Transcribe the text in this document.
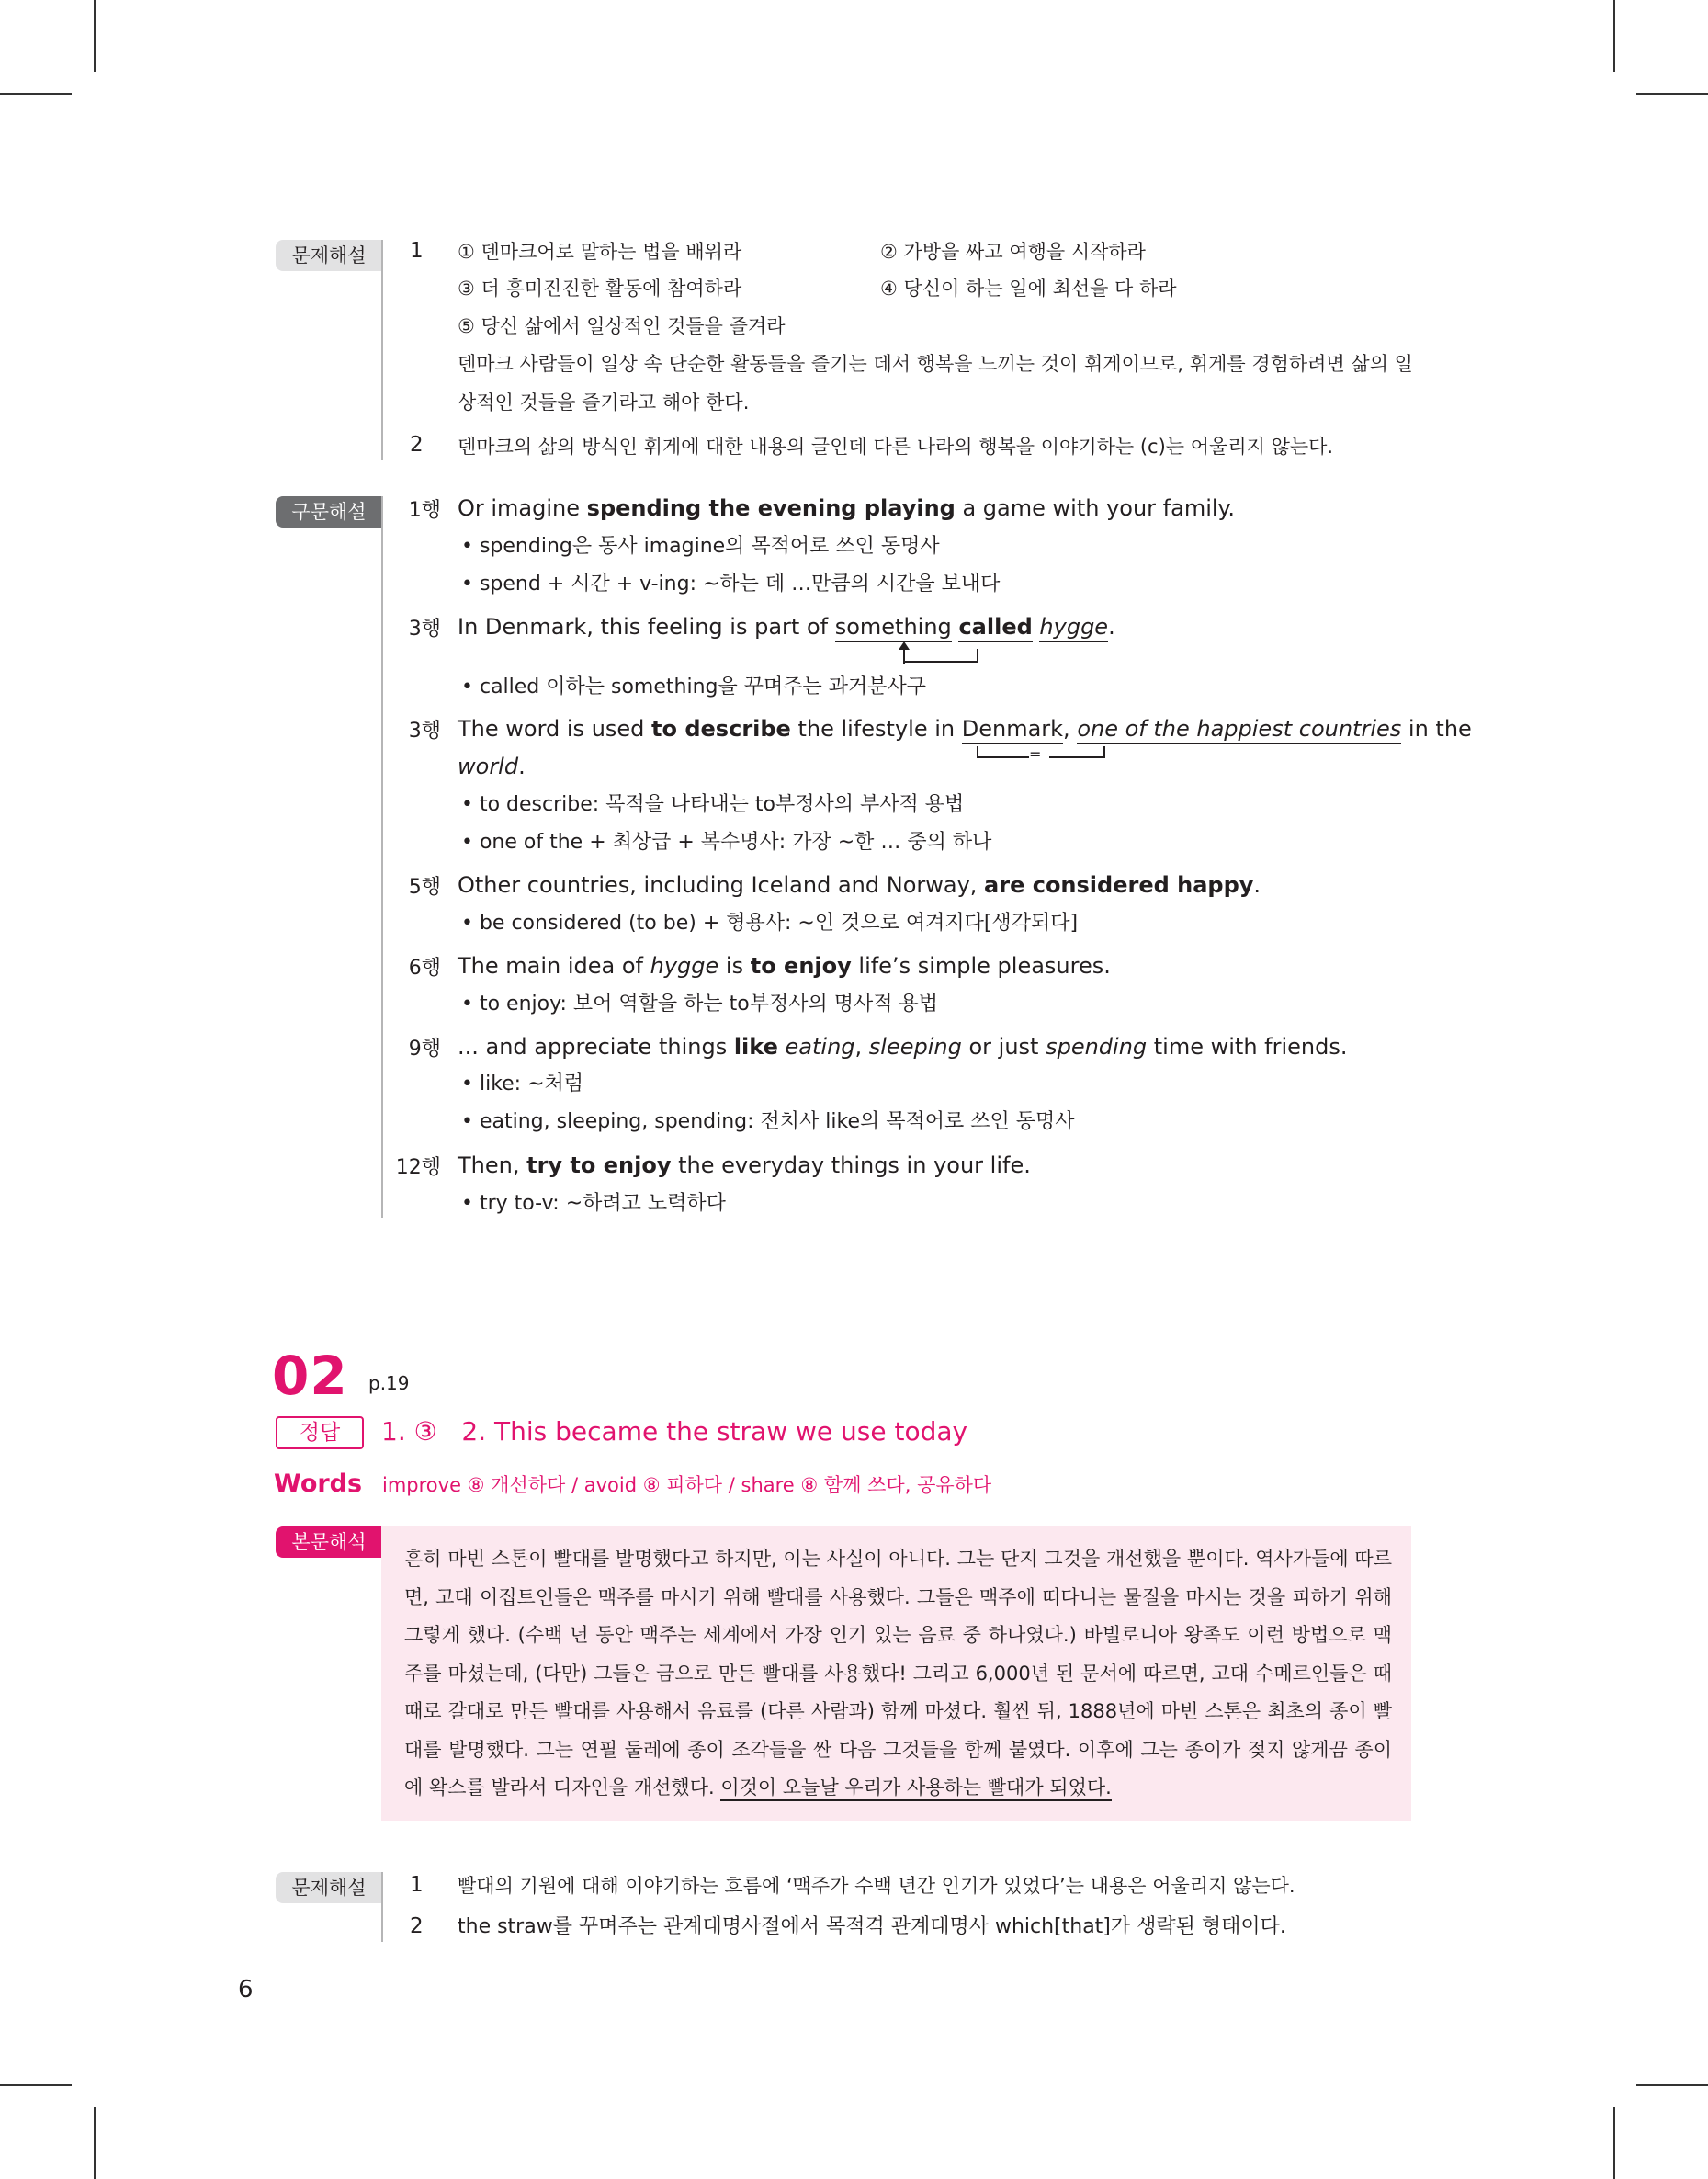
문제해설	1 ① 덴마크어로 말하는 법을 배워라	② 가방을 싸고 여행을 시작하라
③ 더 흥미진진한 활동에 참여하라	④ 당신이 하는 일에 최선을 다 하라
⑤ 당신 삶에서 일상적인 것들을 즐겨라
덴마크 사람들이 일상 속 단순한 활동들을 즐기는 데서 행복을 느끼는 것이 휘게이므로, 휘게를 경험하려면 삶의 일
상적인 것들을 즐기라고 해야 한다.
2 덴마크의 삶의 방식인 휘게에 대한 내용의 글인데 다른 나라의 행복을 이야기하는 (c)는 어울리지 않는다.
구문해설	1행 Or imagine spending the evening playing a game with your family.
• spending은 동사 imagine의 목적어로 쓰인 동명사
• spend + 시간 + v-ing: ~하는 데 …만큼의 시간을 보내다
3행 In Denmark, this feeling is part of something called hygge.
• called 이하는 something을 꾸며주는 과거분사구
3행 The word is used to describe the lifestyle in Denmark, one of the happiest countries in the
=
world.
• to describe: 목적을 나타내는 to부정사의 부사적 용법
• one of the + 최상급 + 복수명사: 가장 ~한 … 중의 하나
5행 Other countries, including Iceland and Norway, are considered happy.
• be considered (to be) + 형용사: ~인 것으로 여겨지다[생각되다]
6행 The main idea of hygge is to enjoy life’s simple pleasures.
• to enjoy: 보어 역할을 하는 to부정사의 명사적 용법
9행 ... and appreciate things like eating, sleeping or just spending time with friends.
• like: ~처럼
• eating, sleeping, spending: 전치사 like의 목적어로 쓰인 동명사
12행 Then, try to enjoy the everyday things in your life.
• try to-v: ~하려고 노력하다
02 p.19
정답	1. ③   2. This became the straw we use today
Words improve ⑧ 개선하다 / avoid ⑧ 피하다 / share ⑧ 함께 쓰다, 공유하다
본문해석
흔히 마빈 스톤이 빨대를 발명했다고 하지만, 이는 사실이 아니다. 그는 단지 그것을 개선했을 뿐이다. 역사가들에 따르면, 고대 이집트인들은 맥주를 마시기 위해 빨대를 사용했다. 그들은 맥주에 떠다니는 물질을 마시는 것을 피하기 위해 그렇게 했다. (수백 년 동안 맥주는 세계에서 가장 인기 있는 음료 중 하나였다.) 바빌로니아 왕족도 이런 방법으로 맥주를 마셨는데, (다만) 그들은 금으로 만든 빨대를 사용했다! 그리고 6,000년 된 문서에 따르면, 고대 수메르인들은 때때로 갈대로 만든 빨대를 사용해서 음료를 (다른 사람과) 함께 마셨다. 훨씬 뒤, 1888년에 마빈 스톤은 최초의 종이 빨대를 발명했다. 그는 연필 둘레에 종이 조각들을 싼 다음 그것들을 함께 붙였다. 이후에 그는 종이가 젖지 않게끔 종이에 왁스를 발라서 디자인을 개선했다. 이것이 오늘날 우리가 사용하는 빨대가 되었다.
문제해설	1 빨대의 기원에 대해 이야기하는 흐름에 ‘맥주가 수백 년간 인기가 있었다’는 내용은 어울리지 않는다.
2 the straw를 꾸며주는 관계대명사절에서 목적격 관계대명사 which[that]가 생략된 형태이다.
6
